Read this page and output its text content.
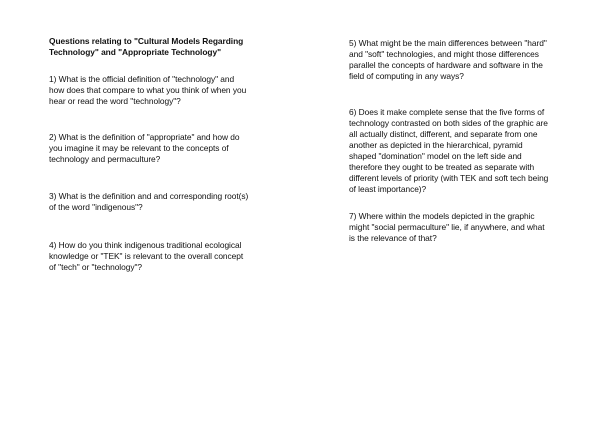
Questions relating to "Cultural Models Regarding
Technology" and "Appropriate Technology"
1) What is the official definition of "technology" and
how does that compare to what you think of when you
hear or read the word "technology"?
2) What is the definition of "appropriate" and how do
you imagine it may be relevant to the concepts of
technology and permaculture?
3) What is the definition and and corresponding root(s)
of the word "indigenous"?
4) How do you think indigenous traditional ecological
knowledge or "TEK" is relevant to the overall concept
of "tech" or "technology"?
5) What might be the main differences between "hard"
and "soft" technologies, and might those differences
parallel the concepts of hardware and software in the
field of computing in any ways?
6) Does it make complete sense that the five forms of
technology contrasted on both sides of the graphic are
all actually distinct, different, and separate from one
another as depicted in the hierarchical, pyramid
shaped "domination" model on the left side and
therefore they ought to be treated as separate with
different levels of priority (with TEK and soft tech being
of least importance)?
7) Where within the models depicted in the graphic
might "social permaculture" lie, if anywhere, and what
is the relevance of that?
